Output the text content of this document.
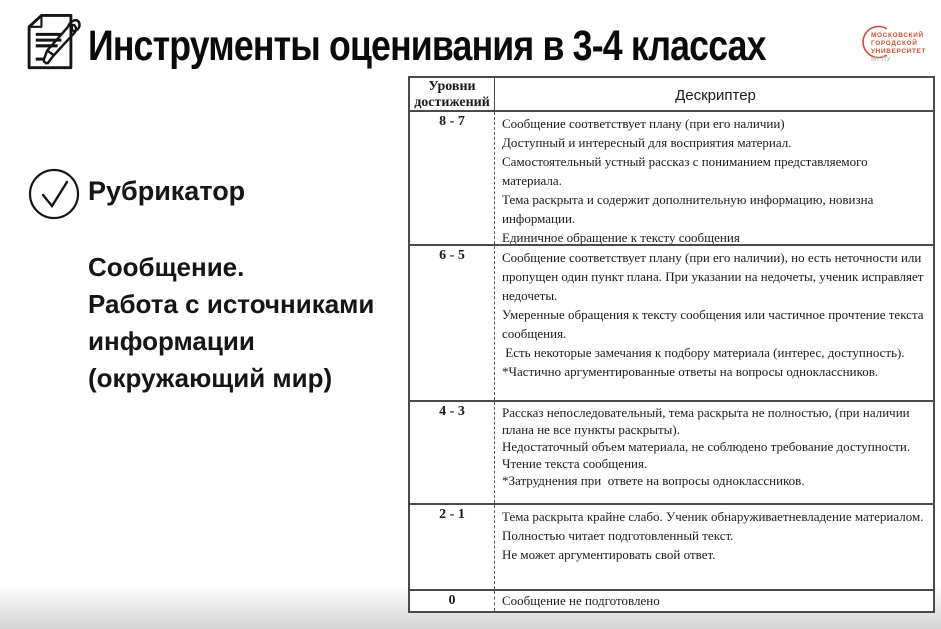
Инструменты оценивания в 3-4 классах	МОСКОВСКИЙ
ГОРОДСКОЙ
УНИВЕРСИТЕТ
МГПУ
Рубрикатор
Сообщение.
Работа с источниками
информации
(окружающий мир)
Уровни достижений	Дескриптер
8 - 7	Сообщение соответствует плану (при его наличии)
Доступный и интересный для восприятия материал.
Самостоятельный устный рассказ с пониманием представляемого материала.
Тема раскрыта и содержит дополнительную информацию, новизна информации.
Единичное обращение к тексту сообщения
6 - 5	Сообщение соответствует плану (при его наличии), но есть неточности или пропущен один пункт плана. При указании на недочеты, ученик исправляет недочеты.
Умеренные обращения к тексту сообщения или частичное прочтение текста сообщения.
Есть некоторые замечания к подбору материала (интерес, доступность).
*Частично аргументированные ответы на вопросы одноклассников.
4 - 3	Рассказ непоследовательный, тема раскрыта не полностью, (при наличии плана не все пункты раскрыты).
Недостаточный объем материала, не соблюдено требование доступности.
Чтение текста сообщения.
*Затруднения при  ответе на вопросы одноклассников.
2 - 1	Тема раскрыта крайне слабо. Ученик обнаруживаетневладение материалом.
Полностью читает подготовленный текст.
Не может аргументировать свой ответ.
0	Сообщение не подготовлено
